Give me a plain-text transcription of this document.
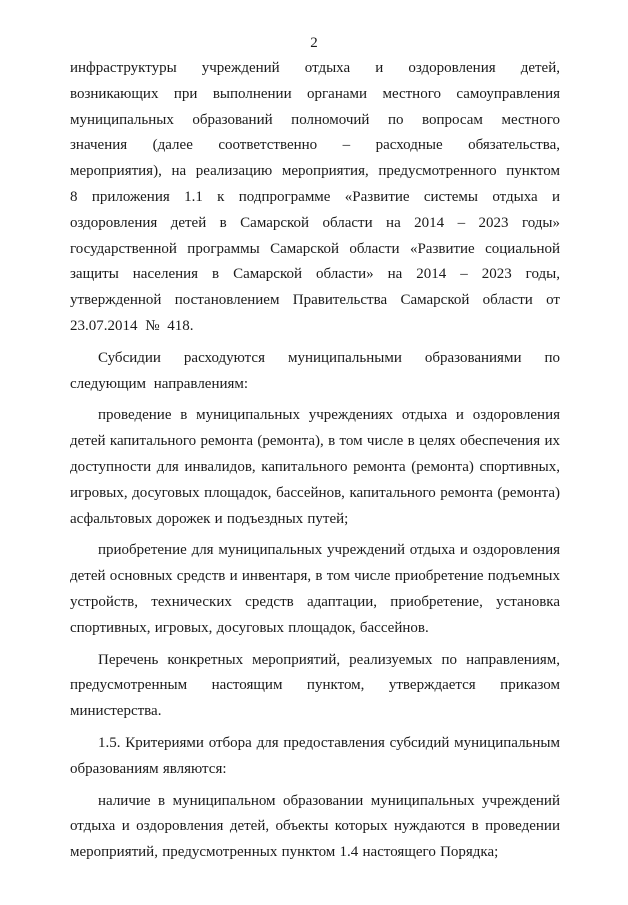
2

инфраструктуры учреждений отдыха и оздоровления детей, возникающих при выполнении органами местного самоуправления муниципальных образований полномочий по вопросам местного значения (далее соответственно – расходные обязательства, мероприятия), на реализацию мероприятия, предусмотренного пунктом 8 приложения 1.1 к подпрограмме «Развитие системы отдыха и оздоровления детей в Самарской области на 2014 – 2023 годы» государственной программы Самарской области «Развитие социальной защиты населения в Самарской области» на 2014 – 2023 годы, утвержденной постановлением Правительства Самарской области от 23.07.2014 № 418.

Субсидии расходуются муниципальными образованиями по следующим направлениям:

проведение в муниципальных учреждениях отдыха и оздоровления детей капитального ремонта (ремонта), в том числе в целях обеспечения их доступности для инвалидов, капитального ремонта (ремонта) спортивных, игровых, досуговых площадок, бассейнов, капитального ремонта (ремонта) асфальтовых дорожек и подъездных путей;

приобретение для муниципальных учреждений отдыха и оздоровления детей основных средств и инвентаря, в том числе приобретение подъемных устройств, технических средств адаптации, приобретение, установка спортивных, игровых, досуговых площадок, бассейнов.

Перечень конкретных мероприятий, реализуемых по направлениям, предусмотренным настоящим пунктом, утверждается приказом министерства.

1.5. Критериями отбора для предоставления субсидий муниципальным образованиям являются:

наличие в муниципальном образовании муниципальных учреждений отдыха и оздоровления детей, объекты которых нуждаются в проведении мероприятий, предусмотренных пунктом 1.4 настоящего Порядка;
